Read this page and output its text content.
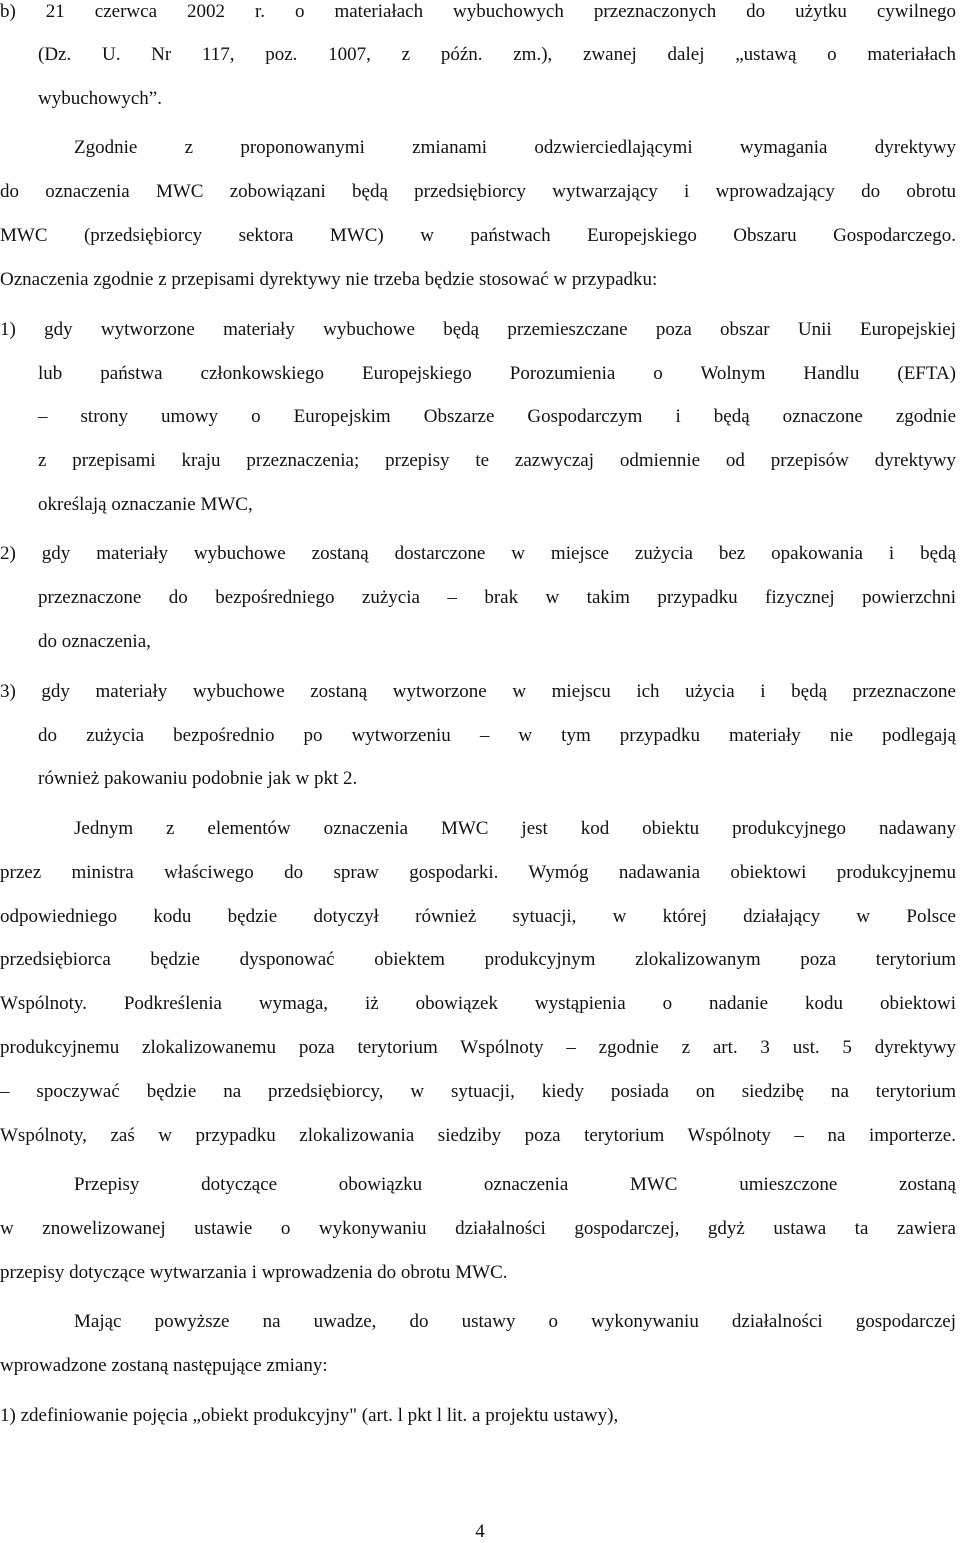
b) 21 czerwca 2002 r. o materiałach wybuchowych przeznaczonych do użytku cywilnego
(Dz. U. Nr 117, poz. 1007, z późn. zm.), zwanej dalej „ustawą o materiałach
wybuchowych”.
Zgodnie z proponowanymi zmianami odzwierciedlającymi wymagania dyrektywy
do oznaczenia MWC zobowiązani będą przedsiębiorcy wytwarzający i wprowadzający do obrotu
MWC (przedsiębiorcy sektora MWC) w państwach Europejskiego Obszaru Gospodarczego.
Oznaczenia zgodnie z przepisami dyrektywy nie trzeba będzie stosować w przypadku:
1) gdy wytworzone materiały wybuchowe będą przemieszczane poza obszar Unii Europejskiej
lub państwa członkowskiego Europejskiego Porozumienia o Wolnym Handlu (EFTA)
– strony umowy o Europejskim Obszarze Gospodarczym i będą oznaczone zgodnie
z przepisami kraju przeznaczenia; przepisy te zazwyczaj odmiennie od przepisów dyrektywy
określają oznaczanie MWC,
2) gdy materiały wybuchowe zostaną dostarczone w miejsce zużycia bez opakowania i będą
przeznaczone do bezpośredniego zużycia – brak w takim przypadku fizycznej powierzchni
do oznaczenia,
3) gdy materiały wybuchowe zostaną wytworzone w miejscu ich użycia i będą przeznaczone
do zużycia bezpośrednio po wytworzeniu – w tym przypadku materiały nie podlegają
również pakowaniu podobnie jak w pkt 2.
Jednym z elementów oznaczenia MWC jest kod obiektu produkcyjnego nadawany
przez ministra właściwego do spraw gospodarki. Wymóg nadawania obiektowi produkcyjnemu
odpowiedniego kodu będzie dotyczył również sytuacji, w której działający w Polsce
przedsiębiorca będzie dysponować obiektem produkcyjnym zlokalizowanym poza terytorium
Wspólnoty. Podkreślenia wymaga, iż obowiązek wystąpienia o nadanie kodu obiektowi
produkcyjnemu zlokalizowanemu poza terytorium Wspólnoty – zgodnie z art. 3 ust. 5 dyrektywy
– spoczywać będzie na przedsiębiorcy, w sytuacji, kiedy posiada on siedzibę na terytorium
Wspólnoty, zaś w przypadku zlokalizowania siedziby poza terytorium Wspólnoty – na importerze.
Przepisy dotyczące obowiązku oznaczenia MWC umieszczone zostaną
w znowelizowanej ustawie o wykonywaniu działalności gospodarczej, gdyż ustawa ta zawiera
przepisy dotyczące wytwarzania i wprowadzenia do obrotu MWC.
Mając powyższe na uwadze, do ustawy o wykonywaniu działalności gospodarczej
wprowadzone zostaną następujące zmiany:
1) zdefiniowanie pojęcia „obiekt produkcyjny" (art. l pkt l lit. a projektu ustawy),
4
